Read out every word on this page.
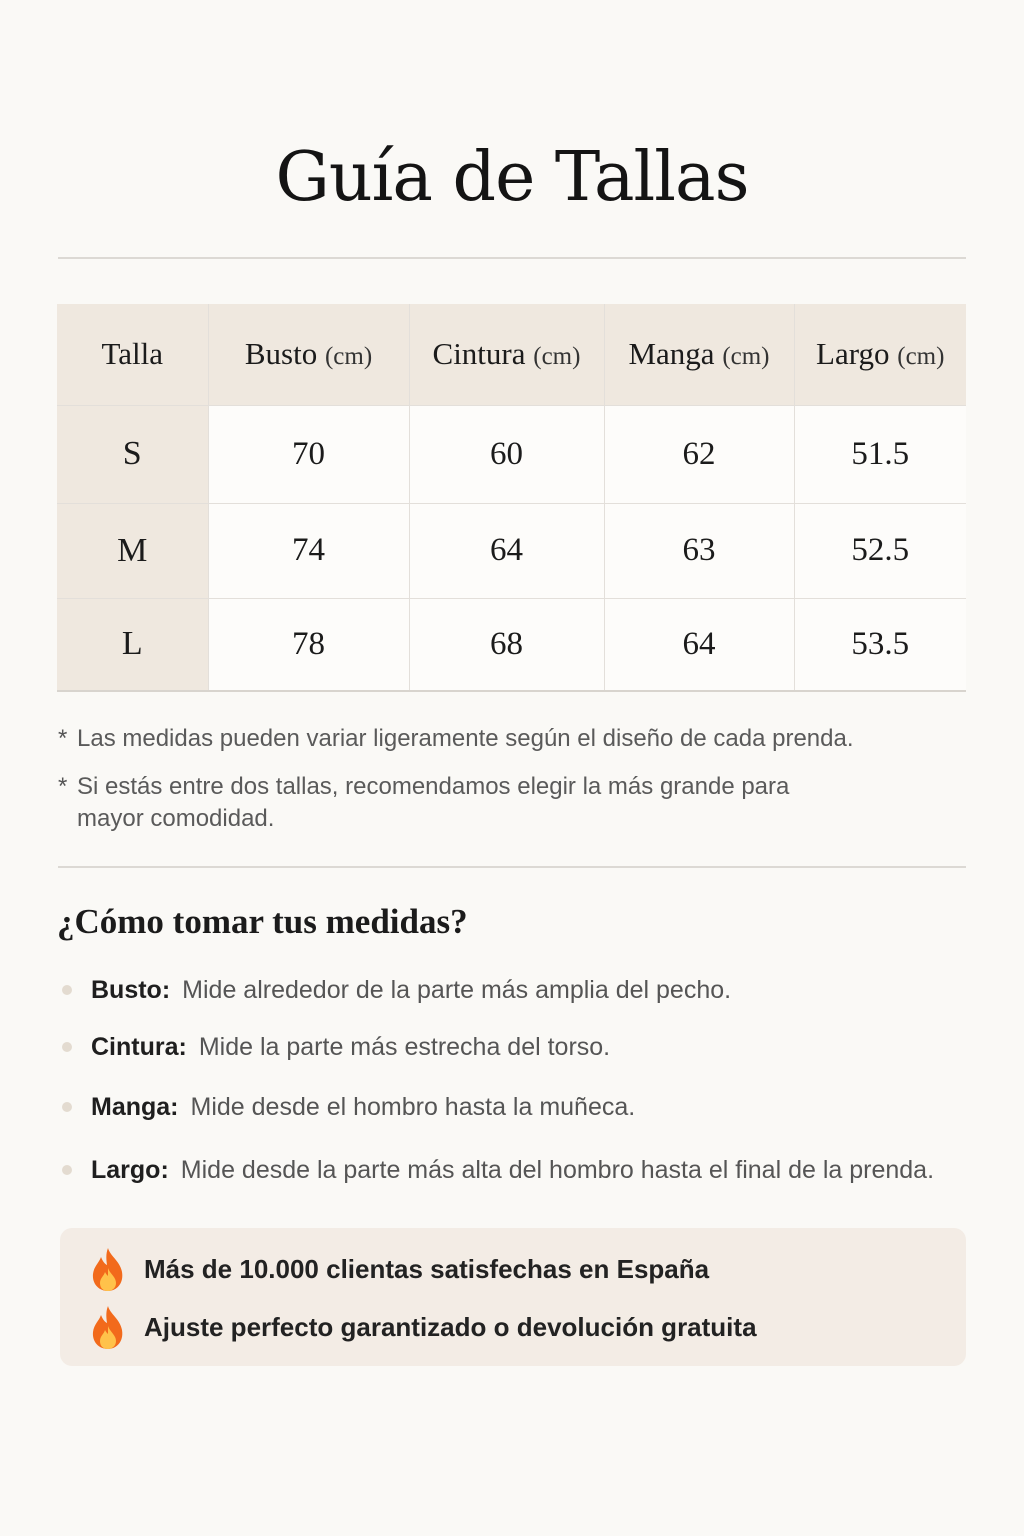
Guía de Tallas
Talla	Busto (cm)	Cintura (cm)	Manga (cm)	Largo (cm)
S	70	60	62	51.5
M	74	64	63	52.5
L	78	68	64	53.5
* Las medidas pueden variar ligeramente según el diseño de cada prenda.
* Si estás entre dos tallas, recomendamos elegir la más grande para mayor comodidad.
¿Cómo tomar tus medidas?
Busto: Mide alrededor de la parte más amplia del pecho.
Cintura: Mide la parte más estrecha del torso.
Manga: Mide desde el hombro hasta la muñeca.
Largo: Mide desde la parte más alta del hombro hasta el final de la prenda.
Más de 10.000 clientas satisfechas en España
Ajuste perfecto garantizado o devolución gratuita
